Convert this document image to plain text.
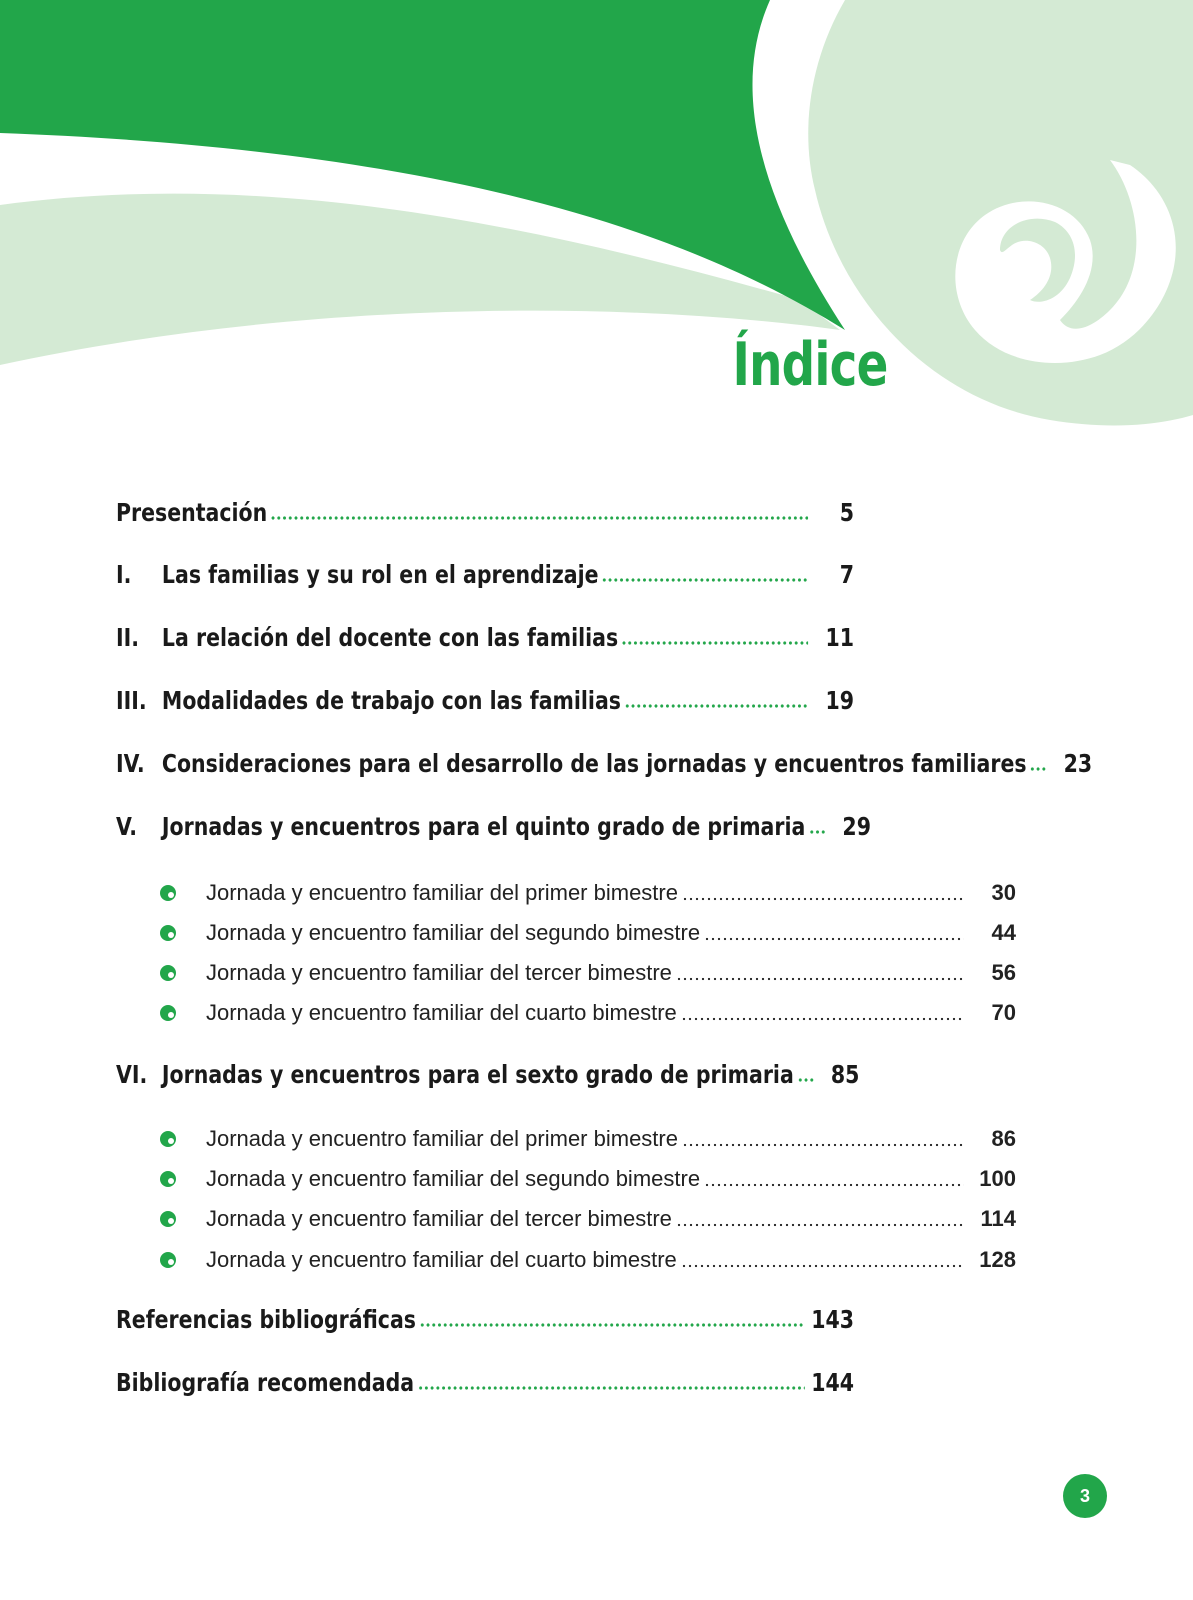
Índice
Presentación	5
I.	Las familias y su rol en el aprendizaje	7
II. La relación del docente con las familias	11
III. Modalidades de trabajo con las familias	19
IV. Consideraciones para el desarrollo de las jornadas y encuentros familiares	23
V. Jornadas y encuentros para el quinto grado de primaria	29
Jornada y encuentro familiar del primer bimestre	30
Jornada y encuentro familiar del segundo bimestre	44
Jornada y encuentro familiar del tercer bimestre	56
Jornada y encuentro familiar del cuarto bimestre	70
VI. Jornadas y encuentros para el sexto grado de primaria	85
Jornada y encuentro familiar del primer bimestre	86
Jornada y encuentro familiar del segundo bimestre	100
Jornada y encuentro familiar del tercer bimestre	114
Jornada y encuentro familiar del cuarto bimestre	128
Referencias bibliográficas	143
Bibliografía recomendada	144
3
